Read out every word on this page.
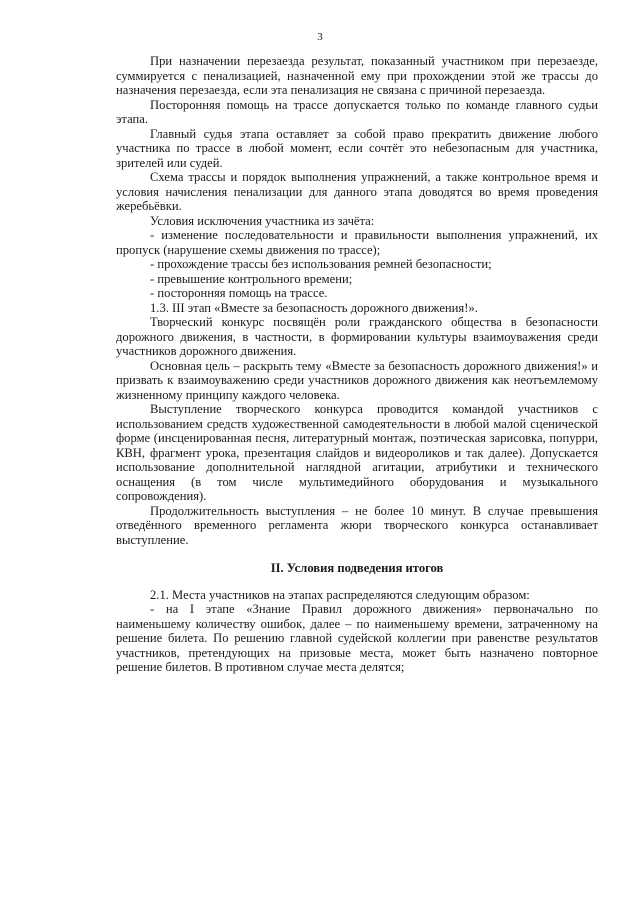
3

При назначении перезаезда результат, показанный участником при перезаезде, суммируется с пенализацией, назначенной ему при прохождении этой же трассы до назначения перезаезда, если эта пенализация не связана с причиной перезаезда.

Посторонняя помощь на трассе допускается только по команде главного судьи этапа.

Главный судья этапа оставляет за собой право прекратить движение любого участника по трассе в любой момент, если сочтёт это небезопасным для участника, зрителей или судей.

Схема трассы и порядок выполнения упражнений, а также контрольное время и условия начисления пенализации для данного этапа доводятся во время проведения жеребьёвки.

Условия исключения участника из зачёта:

- изменение последовательности и правильности выполнения упражнений, их пропуск (нарушение схемы движения по трассе);

- прохождение трассы без использования ремней безопасности;

- превышение контрольного времени;

- посторонняя помощь на трассе.

1.3. III этап «Вместе за безопасность дорожного движения!».

Творческий конкурс посвящён роли гражданского общества в безопасности дорожного движения, в частности, в формировании культуры взаимоуважения среди участников дорожного движения.

Основная цель – раскрыть тему «Вместе за безопасность дорожного движения!» и призвать к взаимоуважению среди участников дорожного движения как неотъемлемому жизненному принципу каждого человека.

Выступление творческого конкурса проводится командой участников с использованием средств художественной самодеятельности в любой малой сценической форме (инсценированная песня, литературный монтаж, поэтическая зарисовка, попурри, КВН, фрагмент урока, презентация слайдов и видеороликов и так далее). Допускается использование дополнительной наглядной агитации, атрибутики и технического оснащения (в том числе мультимедийного оборудования и музыкального сопровождения).

Продолжительность выступления – не более 10 минут. В случае превышения отведённого временного регламента жюри творческого конкурса останавливает выступление.

II. Условия подведения итогов

2.1. Места участников на этапах распределяются следующим образом:

- на I этапе «Знание Правил дорожного движения» первоначально по наименьшему количеству ошибок, далее – по наименьшему времени, затраченному на решение билета. По решению главной судейской коллегии при равенстве результатов участников, претендующих на призовые места, может быть назначено повторное решение билетов. В противном случае места делятся;
